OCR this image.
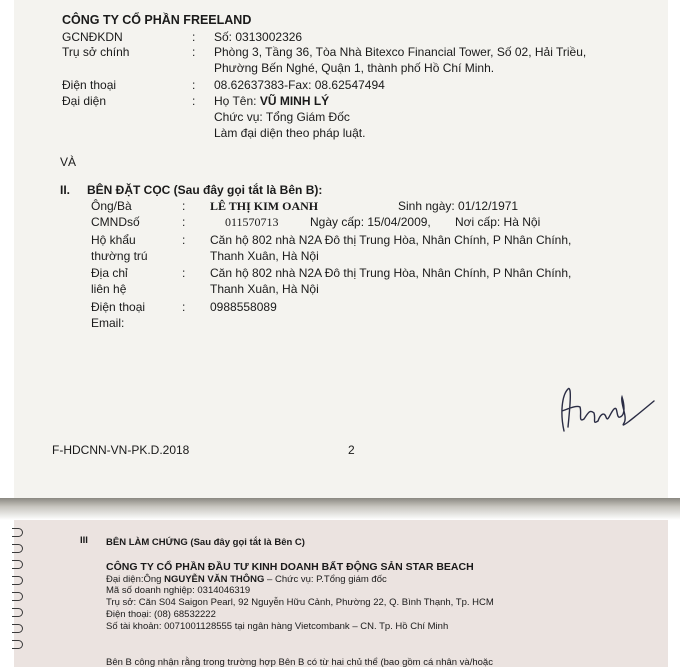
CÔNG TY CỔ PHẦN FREELAND
GCNĐKDN	: Số: 0313002326
Trụ sở chính	: Phòng 3, Tầng 36, Tòa Nhà Bitexco Financial Tower, Số 02, Hải Triều,
Phường Bến Nghé, Quận 1, thành phố Hồ Chí Minh.
Điện thoại	: 08.62637383-Fax: 08.62547494
Đại diện	: Họ Tên: VŨ MINH LÝ
Chức vụ: Tổng Giám Đốc
Làm đại diện theo pháp luật.
VÀ
II. BÊN ĐẶT CỌC (Sau đây gọi tắt là Bên B):
Ông/Bà	: LÊ THỊ KIM OANH	Sinh ngày: 01/12/1971
CMNDsố	:	011570713	Ngày cấp: 15/04/2009, Nơi cấp: Hà Nội
Hộ khẩu
thường trú
: Căn hộ 802 nhà N2A Đô thị Trung Hòa, Nhân Chính, P Nhân Chính,
Thanh Xuân, Hà Nội
Địa chỉ
liên hệ
: Căn hộ 802 nhà N2A Đô thị Trung Hòa, Nhân Chính, P Nhân Chính,
Thanh Xuân, Hà Nội
Điện thoại	: 0988558089
Email:
F-HDCNN-VN-PK.D.2018	2
III BÊN LÀM CHỨNG (Sau đây gọi tắt là Bên C)
CÔNG TY CỔ PHẦN ĐẦU TƯ KINH DOANH BẤT ĐỘNG SẢN STAR BEACH
Đại diện:Ông NGUYỄN VĂN THÔNG – Chức vụ: P.Tổng giám đốc
Mã số doanh nghiệp: 0314046319
Trụ sở: Căn S04 Saigon Pearl, 92 Nguyễn Hữu Cảnh, Phường 22, Q. Bình Thạnh, Tp. HCM
Điện thoại: (08) 68532222
Số tài khoản: 0071001128555 tại ngân hàng Vietcombank – CN. Tp. Hồ Chí Minh
Bên B công nhận rằng trong trường hợp Bên B có từ hai chủ thể (bao gồm cá nhân và/hoặc
